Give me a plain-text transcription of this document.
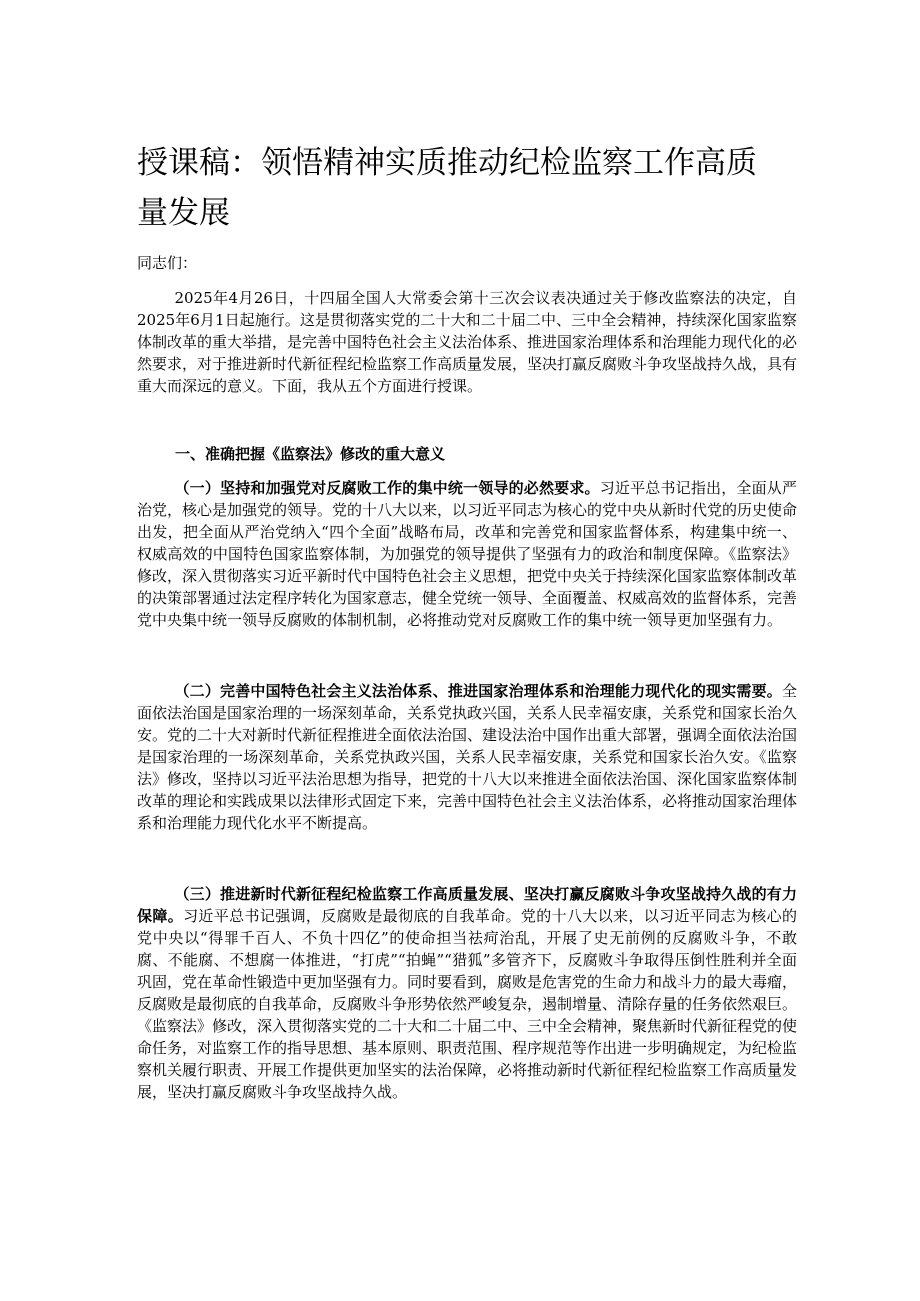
授课稿：领悟精神实质推动纪检监察工作高质量发展

同志们：

2025年4月26日，十四届全国人大常委会第十三次会议表决通过关于修改监察法的决定，自2025年6月1日起施行。这是贯彻落实党的二十大和二十届二中、三中全会精神，持续深化国家监察体制改革的重大举措，是完善中国特色社会主义法治体系、推进国家治理体系和治理能力现代化的必然要求，对于推进新时代新征程纪检监察工作高质量发展，坚决打赢反腐败斗争攻坚战持久战，具有重大而深远的意义。下面，我从五个方面进行授课。

一、准确把握《监察法》修改的重大意义

（一）坚持和加强党对反腐败工作的集中统一领导的必然要求。习近平总书记指出，全面从严治党，核心是加强党的领导。党的十八大以来，以习近平同志为核心的党中央从新时代党的历史使命出发，把全面从严治党纳入“四个全面”战略布局，改革和完善党和国家监督体系，构建集中统一、权威高效的中国特色国家监察体制，为加强党的领导提供了坚强有力的政治和制度保障。《监察法》修改，深入贯彻落实习近平新时代中国特色社会主义思想，把党中央关于持续深化国家监察体制改革的决策部署通过法定程序转化为国家意志，健全党统一领导、全面覆盖、权威高效的监督体系，完善党中央集中统一领导反腐败的体制机制，必将推动党对反腐败工作的集中统一领导更加坚强有力。

（二）完善中国特色社会主义法治体系、推进国家治理体系和治理能力现代化的现实需要。全面依法治国是国家治理的一场深刻革命，关系党执政兴国，关系人民幸福安康，关系党和国家长治久安。党的二十大对新时代新征程推进全面依法治国、建设法治中国作出重大部署，强调全面依法治国是国家治理的一场深刻革命，关系党执政兴国，关系人民幸福安康，关系党和国家长治久安。《监察法》修改，坚持以习近平法治思想为指导，把党的十八大以来推进全面依法治国、深化国家监察体制改革的理论和实践成果以法律形式固定下来，完善中国特色社会主义法治体系，必将推动国家治理体系和治理能力现代化水平不断提高。

（三）推进新时代新征程纪检监察工作高质量发展、坚决打赢反腐败斗争攻坚战持久战的有力保障。习近平总书记强调，反腐败是最彻底的自我革命。党的十八大以来，以习近平同志为核心的党中央以“得罪千百人、不负十四亿”的使命担当祛疴治乱，开展了史无前例的反腐败斗争，不敢腐、不能腐、不想腐一体推进，“打虎”“拍蝇”“猎狐”多管齐下，反腐败斗争取得压倒性胜利并全面巩固，党在革命性锻造中更加坚强有力。同时要看到，腐败是危害党的生命力和战斗力的最大毒瘤，反腐败是最彻底的自我革命，反腐败斗争形势依然严峻复杂，遏制增量、清除存量的任务依然艰巨。《监察法》修改，深入贯彻落实党的二十大和二十届二中、三中全会精神，聚焦新时代新征程党的使命任务，对监察工作的指导思想、基本原则、职责范围、程序规范等作出进一步明确规定，为纪检监察机关履行职责、开展工作提供更加坚实的法治保障，必将推动新时代新征程纪检监察工作高质量发展，坚决打赢反腐败斗争攻坚战持久战。
